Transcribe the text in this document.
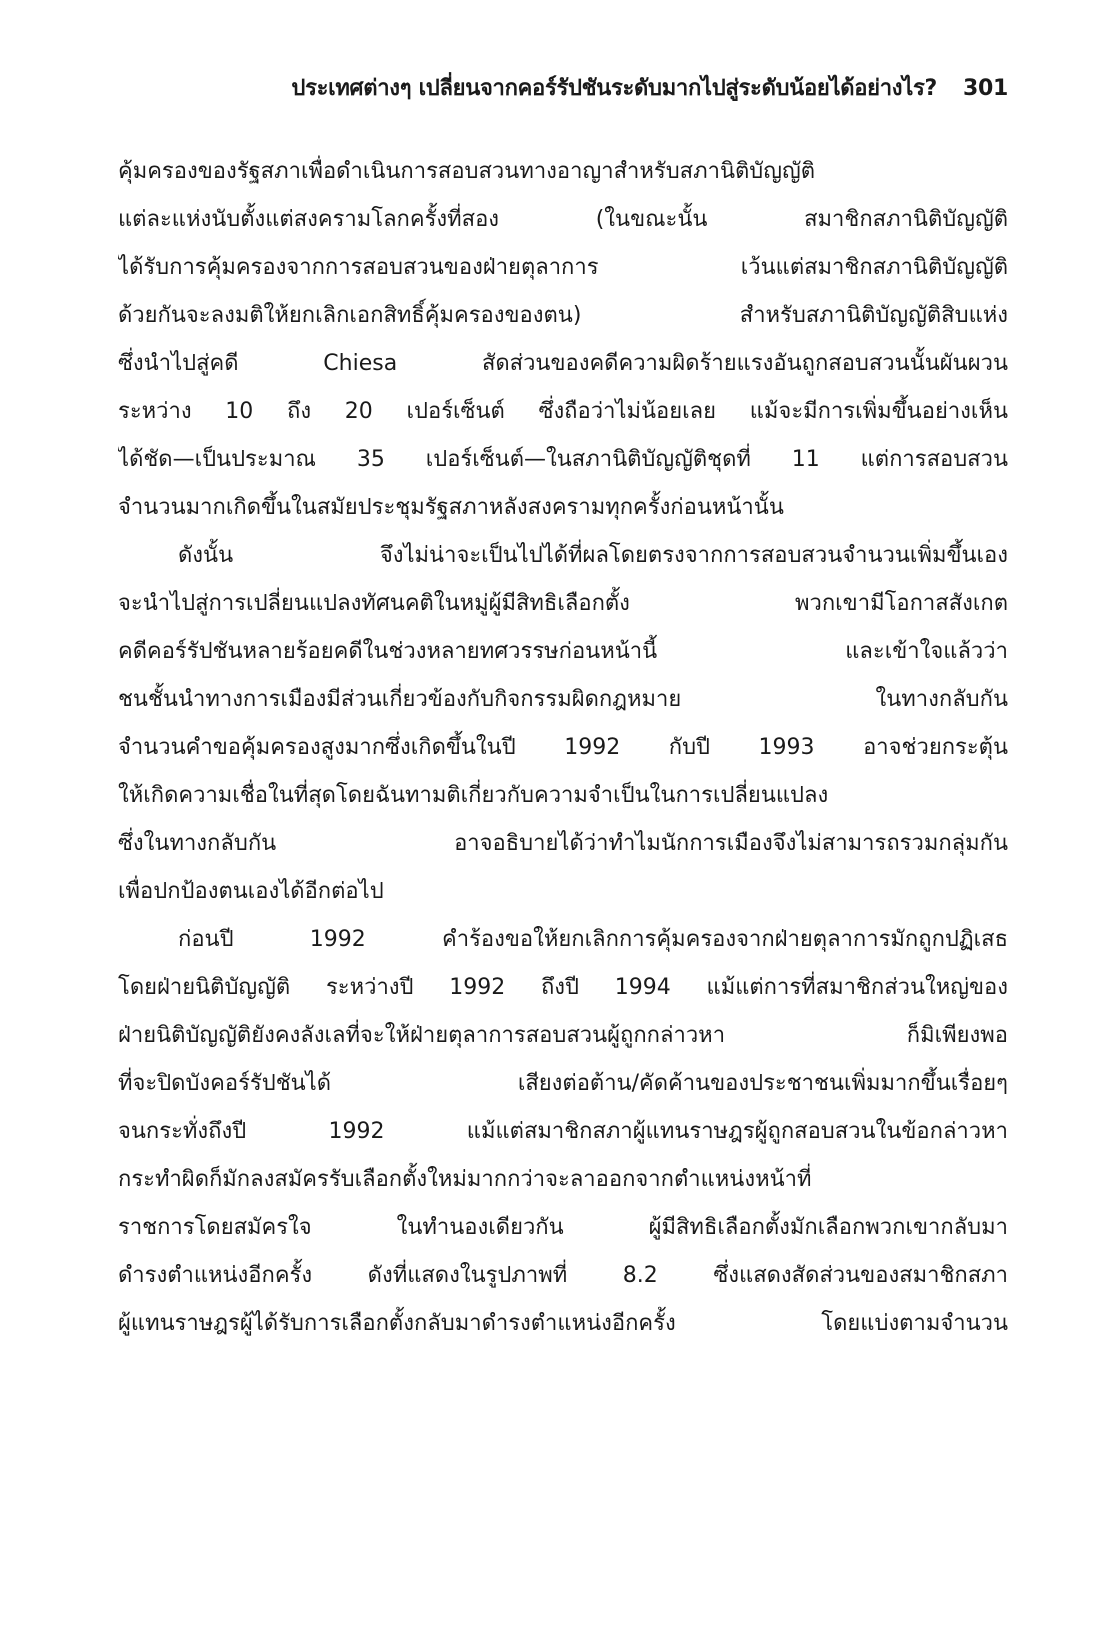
ประเทศต่างๆ เปลี่ยนจากคอร์รัปชันระดับมากไปสู่ระดับน้อยได้อย่างไร? 301
คุ้มครองของรัฐสภาเพื่อดำเนินการสอบสวนทางอาญาสำหรับสภานิติบัญญัติ
แต่ละแห่งนับตั้งแต่สงครามโลกครั้งที่สอง (ในขณะนั้น สมาชิกสภานิติบัญญัติ
ได้รับการคุ้มครองจากการสอบสวนของฝ่ายตุลาการ เว้นแต่สมาชิกสภานิติบัญญัติ
ด้วยกันจะลงมติให้ยกเลิกเอกสิทธิ์คุ้มครองของตน) สำหรับสภานิติบัญญัติสิบแห่ง
ซึ่งนำไปสู่คดี Chiesa สัดส่วนของคดีความผิดร้ายแรงอันถูกสอบสวนนั้นผันผวน
ระหว่าง 10 ถึง 20 เปอร์เซ็นต์ ซึ่งถือว่าไม่น้อยเลย แม้จะมีการเพิ่มขึ้นอย่างเห็น
ได้ชัด—เป็นประมาณ 35 เปอร์เซ็นต์—ในสภานิติบัญญัติชุดที่ 11 แต่การสอบสวน
จำนวนมากเกิดขึ้นในสมัยประชุมรัฐสภาหลังสงครามทุกครั้งก่อนหน้านั้น
ดังนั้น จึงไม่น่าจะเป็นไปได้ที่ผลโดยตรงจากการสอบสวนจำนวนเพิ่มขึ้นเอง
จะนำไปสู่การเปลี่ยนแปลงทัศนคติในหมู่ผู้มีสิทธิเลือกตั้ง พวกเขามีโอกาสสังเกต
คดีคอร์รัปชันหลายร้อยคดีในช่วงหลายทศวรรษก่อนหน้านี้ และเข้าใจแล้วว่า
ชนชั้นนำทางการเมืองมีส่วนเกี่ยวข้องกับกิจกรรมผิดกฎหมาย ในทางกลับกัน
จำนวนคำขอคุ้มครองสูงมากซึ่งเกิดขึ้นในปี 1992 กับปี 1993 อาจช่วยกระตุ้น
ให้เกิดความเชื่อในที่สุดโดยฉันทามติเกี่ยวกับความจำเป็นในการเปลี่ยนแปลง
ซึ่งในทางกลับกัน อาจอธิบายได้ว่าทำไมนักการเมืองจึงไม่สามารถรวมกลุ่มกัน
เพื่อปกป้องตนเองได้อีกต่อไป
ก่อนปี 1992 คำร้องขอให้ยกเลิกการคุ้มครองจากฝ่ายตุลาการมักถูกปฏิเสธ
โดยฝ่ายนิติบัญญัติ ระหว่างปี 1992 ถึงปี 1994 แม้แต่การที่สมาชิกส่วนใหญ่ของ
ฝ่ายนิติบัญญัติยังคงลังเลที่จะให้ฝ่ายตุลาการสอบสวนผู้ถูกกล่าวหา ก็มิเพียงพอ
ที่จะปิดบังคอร์รัปชันได้ เสียงต่อต้าน/คัดค้านของประชาชนเพิ่มมากขึ้นเรื่อยๆ
จนกระทั่งถึงปี 1992 แม้แต่สมาชิกสภาผู้แทนราษฎรผู้ถูกสอบสวนในข้อกล่าวหา
กระทำผิดก็มักลงสมัครรับเลือกตั้งใหม่มากกว่าจะลาออกจากตำแหน่งหน้าที่
ราชการโดยสมัครใจ ในทำนองเดียวกัน ผู้มีสิทธิเลือกตั้งมักเลือกพวกเขากลับมา
ดำรงตำแหน่งอีกครั้ง ดังที่แสดงในรูปภาพที่ 8.2 ซึ่งแสดงสัดส่วนของสมาชิกสภา
ผู้แทนราษฎรผู้ได้รับการเลือกตั้งกลับมาดำรงตำแหน่งอีกครั้ง โดยแบ่งตามจำนวน
